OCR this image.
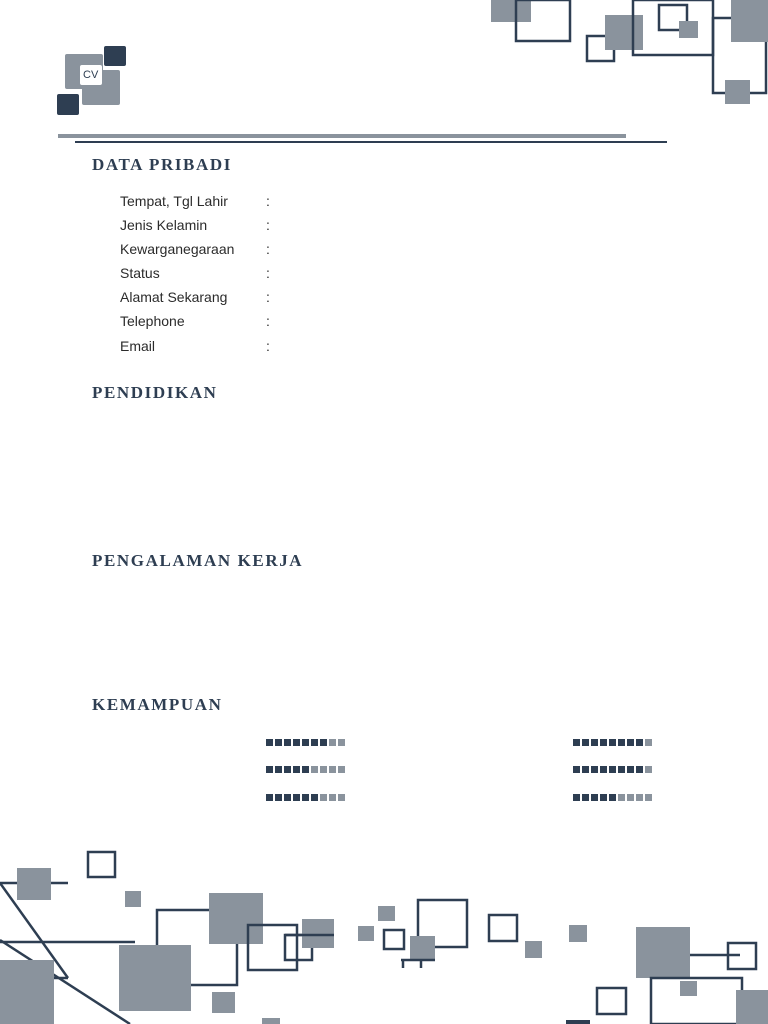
CV
DATA PRIBADI
Tempat, Tgl Lahir	:
Jenis Kelamin	:
Kewarganegaraan :
Status	:
Alamat Sekarang	:
Telephone	:
Email	:
PENDIDIKAN
PENGALAMAN KERJA
KEMAMPUAN
